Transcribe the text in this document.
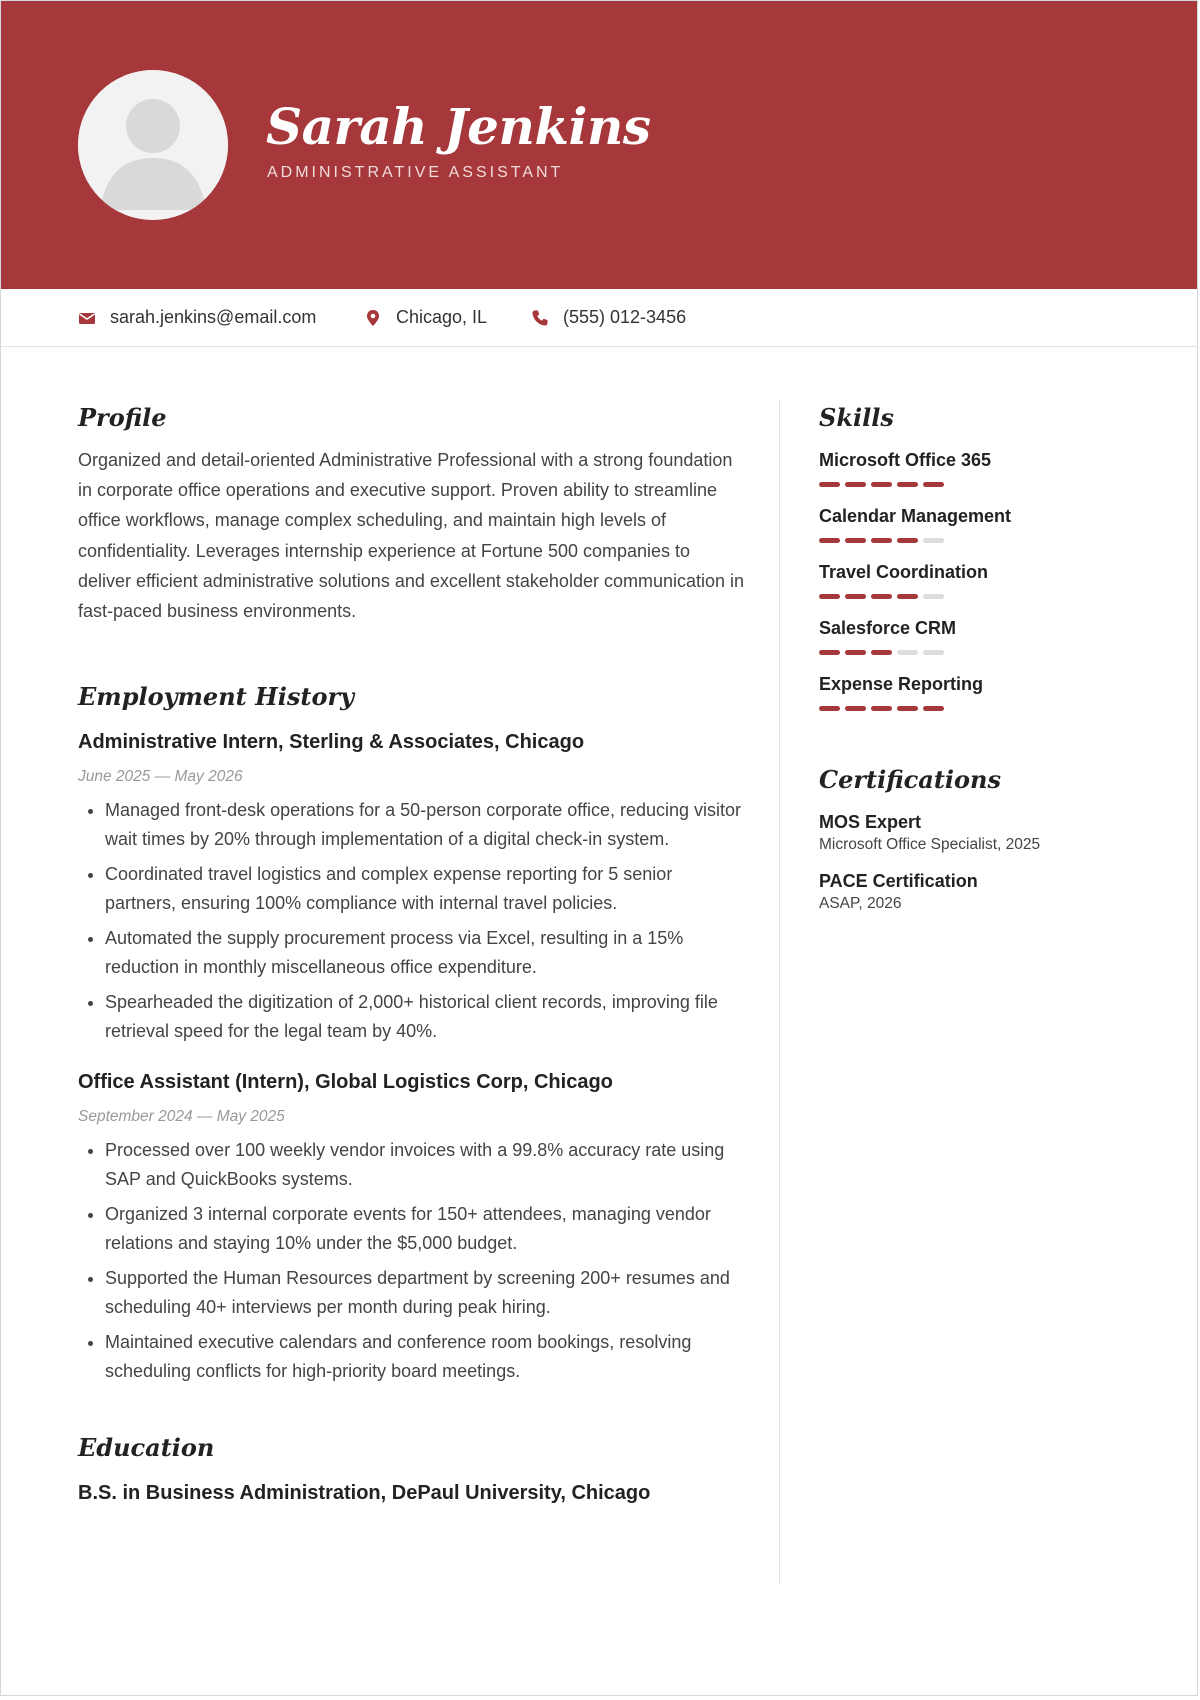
Sarah Jenkins
ADMINISTRATIVE ASSISTANT
sarah.jenkins@email.com	Chicago, IL	(555) 012-3456
Profile

Organized and detail-oriented Administrative Professional with a strong foundation in corporate office operations and executive support. Proven ability to streamline office workflows, manage complex scheduling, and maintain high levels of confidentiality. Leverages internship experience at Fortune 500 companies to deliver efficient administrative solutions and excellent stakeholder communication in fast-paced business environments.

Employment History
Administrative Intern, Sterling & Associates, Chicago
June 2025 — May 2026
• Managed front-desk operations for a 50-person corporate office, reducing visitor wait times by 20% through implementation of a digital check-in system.
• Coordinated travel logistics and complex expense reporting for 5 senior partners, ensuring 100% compliance with internal travel policies.
• Automated the supply procurement process via Excel, resulting in a 15% reduction in monthly miscellaneous office expenditure.
• Spearheaded the digitization of 2,000+ historical client records, improving file retrieval speed for the legal team by 40%.
Office Assistant (Intern), Global Logistics Corp, Chicago
September 2024 — May 2025
• Processed over 100 weekly vendor invoices with a 99.8% accuracy rate using SAP and QuickBooks systems.
• Organized 3 internal corporate events for 150+ attendees, managing vendor relations and staying 10% under the $5,000 budget.
• Supported the Human Resources department by screening 200+ resumes and scheduling 40+ interviews per month during peak hiring.
• Maintained executive calendars and conference room bookings, resolving scheduling conflicts for high-priority board meetings.
Education
B.S. in Business Administration, DePaul University, Chicago
Skills
Microsoft Office 365
Calendar Management
Travel Coordination
Salesforce CRM
Expense Reporting
Certifications
MOS Expert
Microsoft Office Specialist, 2025
PACE Certification
ASAP, 2026
